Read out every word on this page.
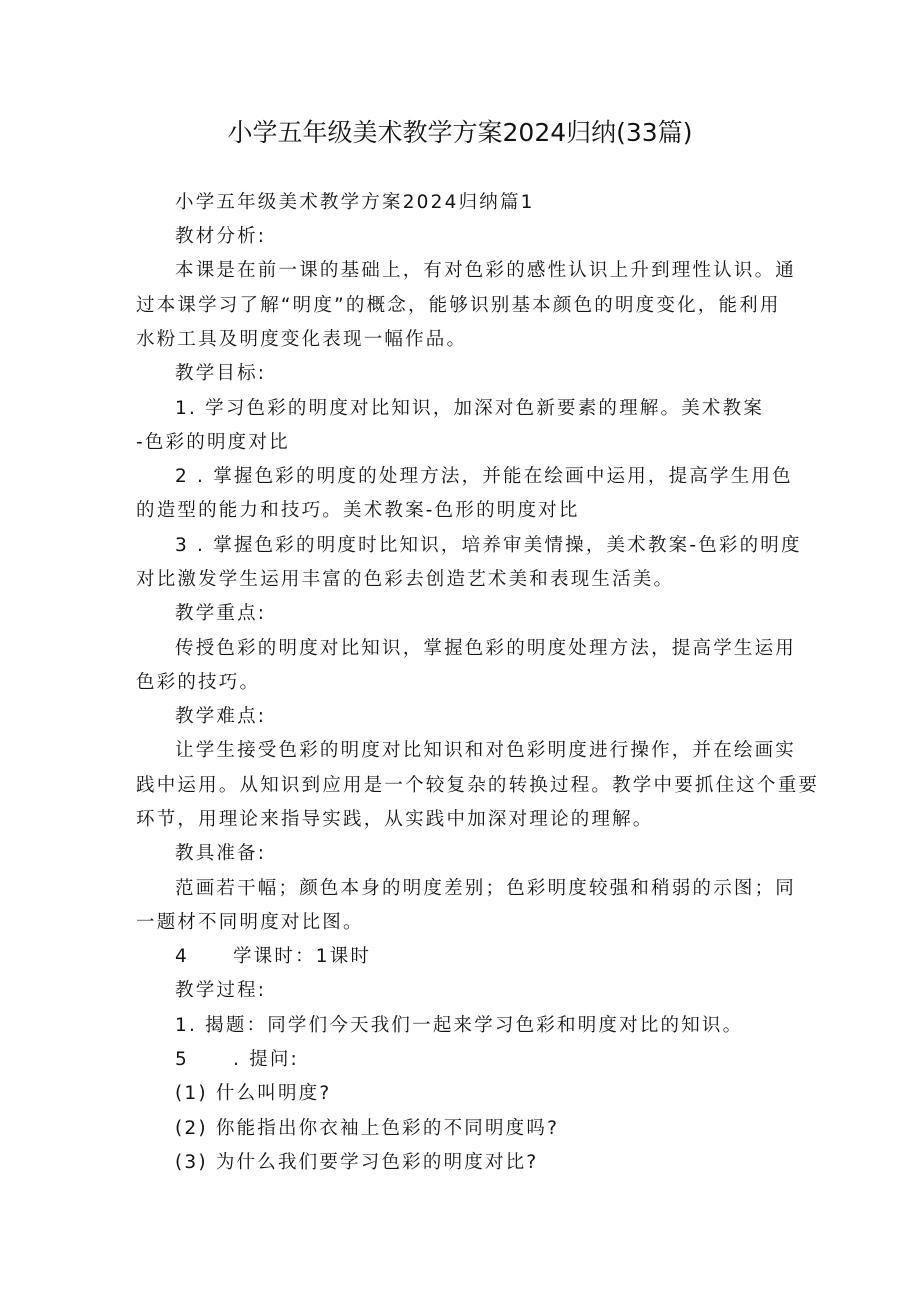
小学五年级美术教学方案2024归纳(33篇)
小学五年级美术教学方案2024归纳篇1
教材分析:
本课是在前一课的基础上，有对色彩的感性认识上升到理性认识。通
过本课学习了解“明度”的概念，能够识别基本颜色的明度变化，能利用
水粉工具及明度变化表现一幅作品。
教学目标:
1. 学习色彩的明度对比知识，加深对色新要素的理解。美术教案
-色彩的明度对比
2 . 掌握色彩的明度的处理方法，并能在绘画中运用，提高学生用色
的造型的能力和技巧。美术教案-色形的明度对比
3 . 掌握色彩的明度时比知识，培养审美情操，美术教案-色彩的明度
对比激发学生运用丰富的色彩去创造艺术美和表现生活美。
教学重点:
传授色彩的明度对比知识，掌握色彩的明度处理方法，提高学生运用
色彩的技巧。
教学难点:
让学生接受色彩的明度对比知识和对色彩明度进行操作，并在绘画实
践中运用。从知识到应用是一个较复杂的转换过程。教学中要抓住这个重要
环节，用理论来指导实践，从实践中加深对理论的理解。
教具准备:
范画若干幅；颜色本身的明度差别；色彩明度较强和稍弱的示图；同
一题材不同明度对比图。
4 学课时：1课时
教学过程:
1. 揭题：同学们今天我们一起来学习色彩和明度对比的知识。
5 . 提问:
(1) 什么叫明度?
(2) 你能指出你衣袖上色彩的不同明度吗?
(3) 为什么我们要学习色彩的明度对比?
